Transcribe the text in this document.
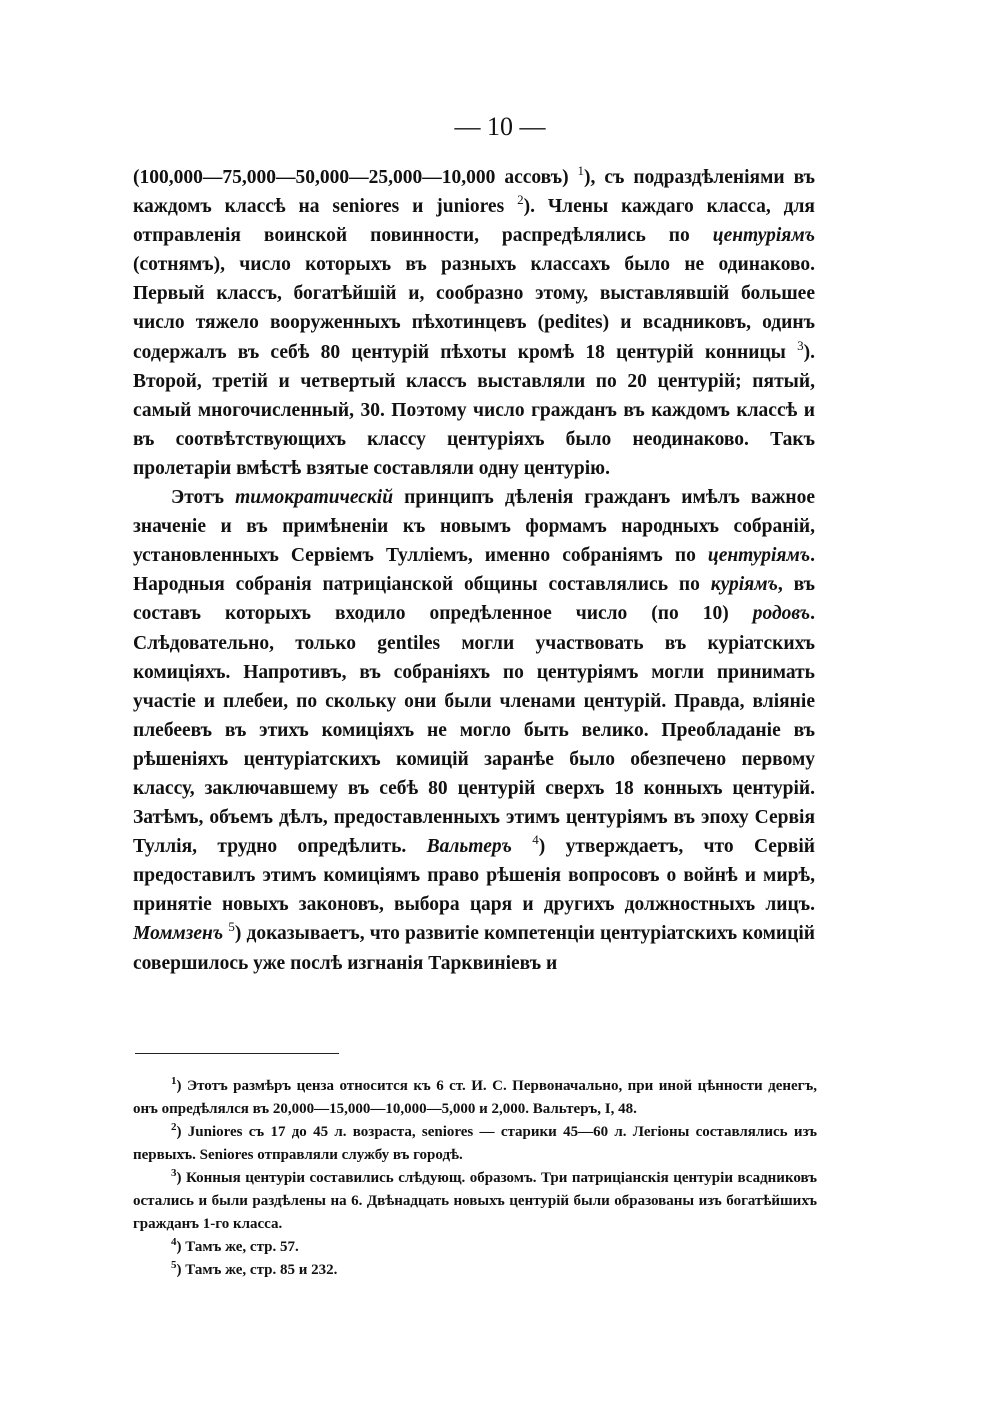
— 10 —

(100,000—75,000—50,000—25,000—10,000 ассовъ) $^1$), съ подраздѣленіями въ каждомъ классѣ на seniores и juniores $^2$). Члены каждаго класса, для отправленія воинской повинности, распредѣлялись по центуріямъ (сотнямъ), число которыхъ въ разныхъ классахъ было не одинаково. Первый классъ, богатѣйшій и, сообразно этому, выставлявшій большее число тяжело вооруженныхъ пѣхотинцевъ (pedites) и всадниковъ, одинъ содержалъ въ себѣ 80 центурій пѣхоты кромѣ 18 центурій конницы $^3$). Второй, третій и четвертый классъ выставляли по 20 центурій; пятый, самый многочисленный, 30. Поэтому число гражданъ въ каждомъ классѣ и въ соотвѣтствующихъ классу центуріяхъ было неодинаково. Такъ пролетаріи вмѣстѣ взятые составляли одну центурію.

Этотъ тимократическій принципъ дѣленія гражданъ имѣлъ важное значеніе и въ примѣненіи къ новымъ формамъ народныхъ собраній, установленныхъ Сервіемъ Тулліемъ, именно собраніямъ по центуріямъ. Народныя собранія патриціанской общины составлялись по куріямъ, въ составъ которыхъ входило опредѣленное число (по 10) родовъ. Слѣдовательно, только gentiles могли участвовать въ куріатскихъ комиціяхъ. Напротивъ, въ собраніяхъ по центуріямъ могли принимать участіе и плебеи, по скольку они были членами центурій. Правда, вліяніе плебеевъ въ этихъ комиціяхъ не могло быть велико. Преобладаніе въ рѣшеніяхъ центуріатскихъ комицій заранѣе было обезпечено первому классу, заключавшему въ себѣ 80 центурій сверхъ 18 конныхъ центурій. Затѣмъ, объемъ дѣлъ, предоставленныхъ этимъ центуріямъ въ эпоху Сервія Туллія, трудно опредѣлить. Вальтеръ $^4$) утверждаетъ, что Сервій предоставилъ этимъ комиціямъ право рѣшенія вопросовъ о войнѣ и мирѣ, принятіе новыхъ законовъ, выбора царя и другихъ должностныхъ лицъ. Моммзенъ $^5$) доказываетъ, что развитіе компетенціи центуріатскихъ комицій совершилось уже послѣ изгнанія Тарквиніевъ и

$^1$) Этотъ размѣръ ценза относится къ 6 ст. И. С. Первоначально, при иной цѣнности денегъ, онъ опредѣлялся въ 20,000—15,000—10,000—5,000 и 2,000. Вальтеръ, I, 48.

$^2$) Juniores съ 17 до 45 л. возраста, seniores — старики 45—60 л. Легіоны составлялись изъ первыхъ. Seniores отправляли службу въ городѣ.

$^3$) Конныя центуріи составились слѣдующ. образомъ. Три патриціанскія центуріи всадниковъ остались и были раздѣлены на 6. Двѣнадцать новыхъ центурій были образованы изъ богатѣйшихъ гражданъ 1-го класса.

$^4$) Тамъ же, стр. 57.

$^5$) Тамъ же, стр. 85 и 232.
